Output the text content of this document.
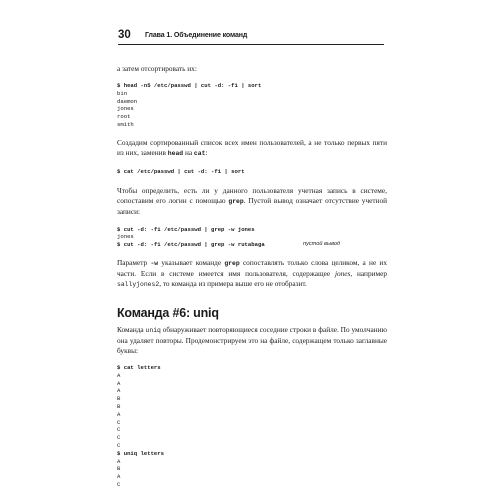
30 Глава 1. Объединение команд

а затем отсортировать их:

$ head -n5 /etc/passwd | cut -d: -f1 | sort
bin
daemon
jones
root
smith

Создадим сортированный список всех имен пользователей, а не только первых пяти из них, заменив head на cat:

$ cat /etc/passwd | cut -d: -f1 | sort

Чтобы определить, есть ли у данного пользователя учетная запись в системе, сопоставим его логин с помощью grep. Пустой вывод означает отсутствие учетной записи:

$ cut -d: -f1 /etc/passwd | grep -w jones
jones
$ cut -d: -f1 /etc/passwd | grep -w rutabaga	пустой вывод

Параметр -w указывает команде grep сопоставлять только слова целиком, а не их части. Если в системе имеется имя пользователя, содержащее jones, например sallyjones2, то команда из примера выше его не отобразит.

Команда #6: uniq

Команда uniq обнаруживает повторяющиеся соседние строки в файле. По умолчанию она удаляет повторы. Продемонстрируем это на файле, содержащем только заглавные буквы:

$ cat letters
A
A
A
B
B
A
C
C
C
C
$ uniq letters
A
B
A
C
